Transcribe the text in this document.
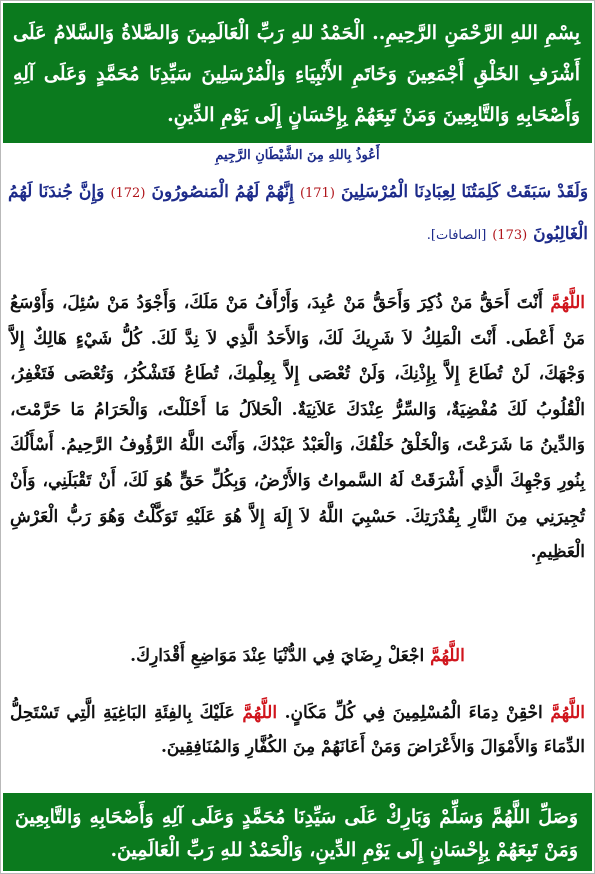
بِسْمِ اللهِ الرَّحْمَنِ الرَّحِيمِ.. الْحَمْدُ للهِ رَبِّ الْعَالَمِينَ وَالصَّلاةُ وَالسَّلامُ عَلَى أَشْرَفِ الخَلْقِ أَجْمَعِينَ وَخَاتَمِ الأَنْبِيَاءِ وَالْمُرْسَلِينَ سَيِّدِنَا مُحَمَّدٍ وَعَلَى آلِهِ وَأَصْحَابِهِ وَالتَّابِعِينَ وَمَنْ تَبِعَهُمْ بِإِحْسَانٍ إِلَى يَوْمِ الدِّينِ.
أَعُوذُ بِاللهِ مِنَ الشَّيْطَانِ الرَّجِيمِ
وَلَقَدْ سَبَقَتْ كَلِمَتُنَا لِعِبَادِنَا الْمُرْسَلِينَ (171) إِنَّهُمْ لَهُمُ الْمَنصُورُونَ (172) وَإِنَّ جُندَنَا لَهُمُ الْغَالِبُونَ (173) [الصافات].
اللَّهُمَّ أَنْتَ أَحَقُّ مَنْ ذُكِرَ وَأَحَقُّ مَنْ عُبِدَ، وَأَرْأَفُ مَنْ مَلَكَ، وَأَجْوَدُ مَنْ سُئِلَ، وَأَوْسَعُ مَنْ أَعْطَى. أَنْتَ الْمَلِكُ لاَ شَرِيكَ لَكَ، وَالأَحَدُ الَّذِي لاَ نِدَّ لَكَ. كُلُّ شَيْءٍ هَالِكٌ إِلاَّ وَجْهَكَ، لَنْ تُطَاعَ إِلاَّ بِإِذْنِكَ، وَلَنْ تُعْصَى إِلاَّ بِعِلْمِكَ، تُطَاعُ فَتَشْكُرُ، وَتُعْصَى فَتَغْفِرُ، الْقُلُوبُ لَكَ مُفْضِيَةٌ، وَالسِّرُّ عِنْدَكَ عَلاَنِيَةٌ. الْحَلاَلُ مَا أَحْلَلْتَ، وَالْحَرَامُ مَا حَرَّمْتَ، وَالدِّينُ مَا شَرَعْتَ، وَالْخَلْقُ خَلْقُكَ، وَالْعَبْدُ عَبْدُكَ، وَأَنْتَ اللَّهُ الرَّؤُوفُ الرَّحِيمُ. أَسْأَلُكَ بِنُورِ وَجْهِكَ الَّذِي أَشْرَقَتْ لَهُ السَّمواتُ وَالأَرْضُ، وَبِكُلِّ حَقٍّ هُوَ لَكَ، أَنْ تَقْبَلَنِي، وَأَنْ تُجِيرَنِي مِنَ النَّارِ بِقُدْرَتِكَ. حَسْبِيَ اللَّهُ لاَ إِلَهَ إِلاَّ هُوَ عَلَيْهِ تَوَكَّلْتُ وَهُوَ رَبُّ الْعَرْشِ الْعَظِيمِ.
اللَّهُمَّ اجْعَلْ رِضَايَ فِي الدُّنْيَا عِنْدَ مَوَاضِعِ أَقْدَارِكَ.
اللَّهُمَّ احْقِنْ دِمَاءَ الْمُسْلِمِينَ فِي كُلِّ مَكَانٍ. اللَّهُمَّ عَلَيْكَ بِالفِئَةِ البَاغِيَةِ الَّتِي تَسْتَحِلُّ الدِّمَاءَ وَالأَمْوَالَ وَالأَعْرَاضَ وَمَنْ أَعَانَهُمْ مِنَ الكُفَّارِ وَالمُنَافِقِينَ.
وَصَلِّ اللَّهُمَّ وَسَلِّمْ وَبَارِكْ عَلَى سَيِّدِنَا مُحَمَّدٍ وَعَلَى آلِهِ وَأَصْحَابِهِ وَالتَّابِعِينَ وَمَنْ تَبِعَهُمْ بِإِحْسَانٍ إِلَى يَوْمِ الدِّينِ، وَالْحَمْدُ للهِ رَبِّ الْعَالَمِينَ.
